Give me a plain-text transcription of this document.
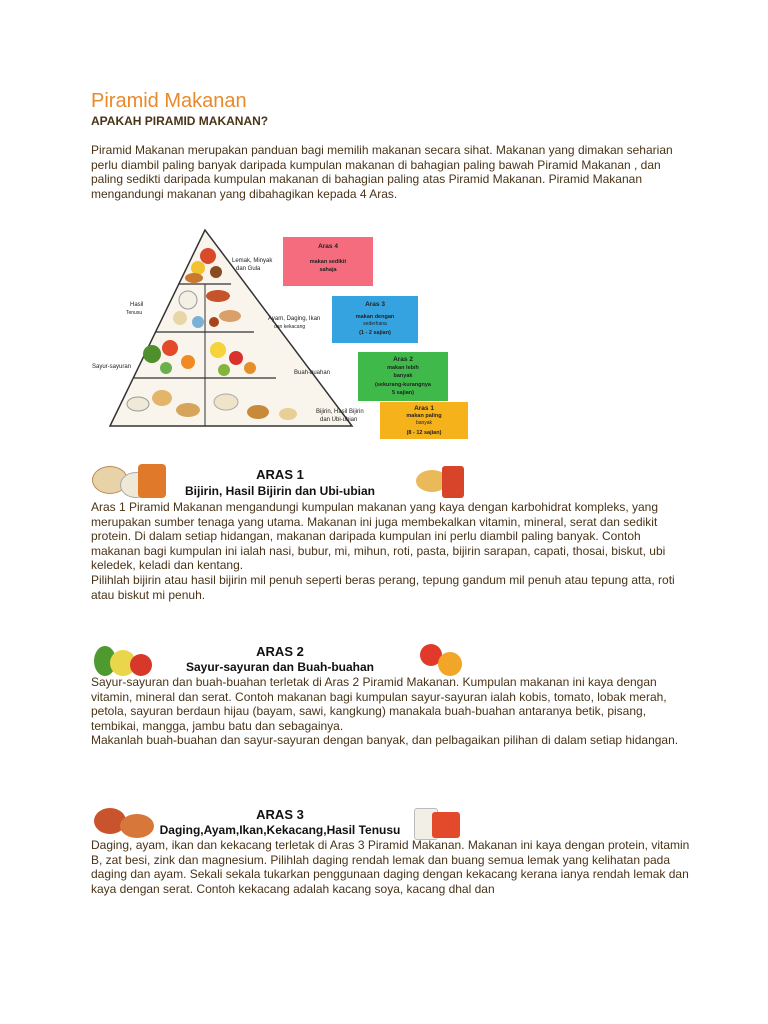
Piramid Makanan
APAKAH PIRAMID MAKANAN?

Piramid Makanan merupakan panduan bagi memilih makanan secara sihat. Makanan yang dimakan seharian perlu diambil paling banyak daripada kumpulan makanan di bahagian paling bawah Piramid Makanan , dan paling sedikti daripada kumpulan makanan di bahagian paling atas Piramid Makanan. Piramid Makanan mengandungi makanan yang dibahagikan kepada 4 Aras.

Lemak, Minyak
dan Gula
Hasil
Tenusu
Ayam, Daging, Ikan
dan kekacang
Sayur-sayuran
Buah-buahan
Bijirin, Hasil Bijirin
dan Ubi-ubian
Aras 4
makan sedikit
sahaja
Aras 3
makan dengan
sederhana
(1 - 2 sajian)
Aras 2
makan lebih
banyak
(sekurang-kurangnya
5 sajian)
Aras 1
makan paling
banyak
(8 - 12 sajian)
ARAS 1
Bijirin, Hasil Bijirin dan Ubi-ubian

Aras 1 Piramid Makanan mengandungi kumpulan makanan yang kaya dengan karbohidrat kompleks, yang merupakan sumber tenaga yang utama. Makanan ini juga membekalkan vitamin, mineral, serat dan sedikit protein. Di dalam setiap hidangan, makanan daripada kumpulan ini perlu diambil paling banyak. Contoh makanan bagi kumpulan ini ialah nasi, bubur, mi, mihun, roti, pasta, bijirin sarapan, capati, thosai, biskut, ubi keledek, keladi dan kentang.

Pilihlah bijirin atau hasil bijirin mil penuh seperti beras perang, tepung gandum mil penuh atau tepung atta, roti atau biskut mi penuh.

ARAS 2
Sayur-sayuran dan Buah-buahan

Sayur-sayuran dan buah-buahan terletak di Aras 2 Piramid Makanan. Kumpulan makanan ini kaya dengan vitamin, mineral dan serat. Contoh makanan bagi kumpulan sayur-sayuran ialah kobis, tomato, lobak merah, petola, sayuran berdaun hijau (bayam, sawi, kangkung) manakala buah-buahan antaranya betik, pisang, tembikai, mangga, jambu batu dan sebagainya.

Makanlah buah-buahan dan sayur-sayuran dengan banyak, dan pelbagaikan pilihan di dalam setiap hidangan.

ARAS 3
Daging,Ayam,Ikan,Kekacang,Hasil Tenusu

Daging, ayam, ikan dan kekacang terletak di Aras 3 Piramid Makanan. Makanan ini kaya dengan protein, vitamin B, zat besi, zink dan magnesium. Pilihlah daging rendah lemak dan buang semua lemak yang kelihatan pada daging dan ayam. Sekali sekala tukarkan penggunaan daging dengan kekacang kerana ianya rendah lemak dan kaya dengan serat. Contoh kekacang adalah kacang soya, kacang dhal dan
